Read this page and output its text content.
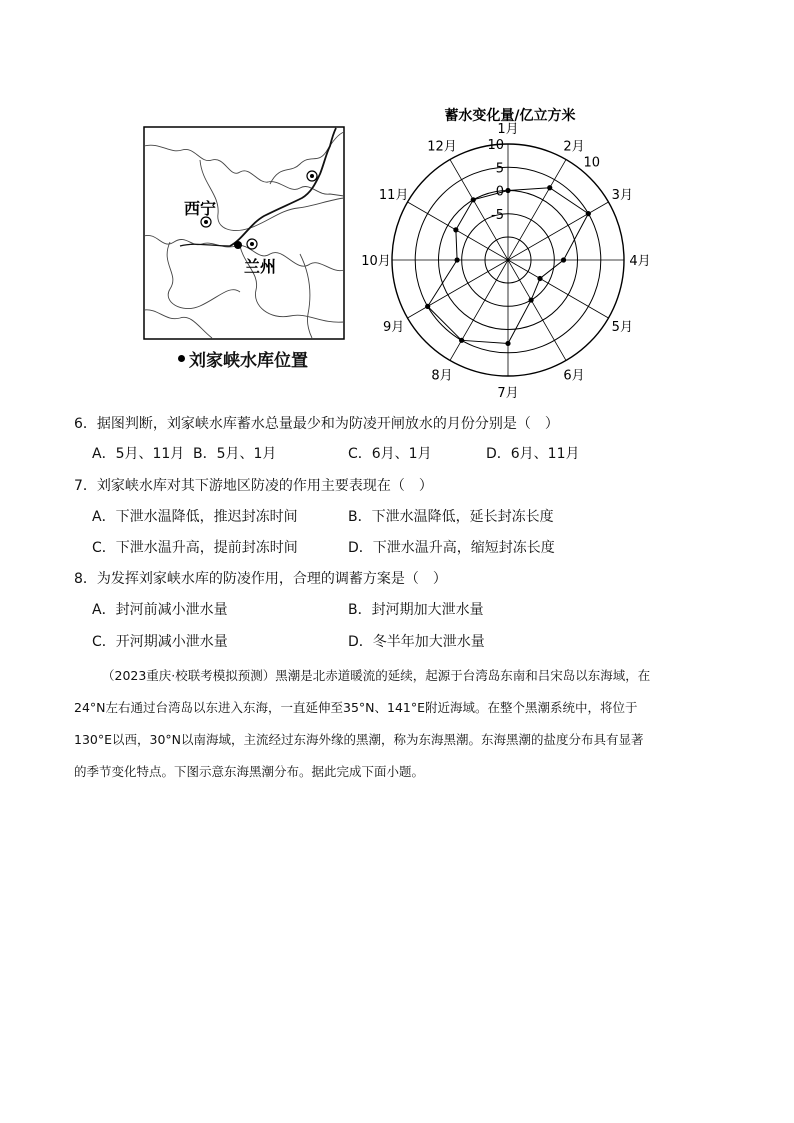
西宁
兰州
刘家峡水库位置
蓄水变化量/亿立方米
1月
2月
3月
4月
5月
6月
7月
8月
9月
10月
11月
12月 10
5
0
-5
10
6．据图判断，刘家峡水库蓄水总量最少和为防凌开闸放水的月份分别是（　）
A．5月、11月 B．5月、1月	C．6月、1月	D．6月、11月
7．刘家峡水库对其下游地区防凌的作用主要表现在（　）
A．下泄水温降低，推迟封冻时间	B．下泄水温降低，延长封冻长度
C．下泄水温升高，提前封冻时间	D．下泄水温升高，缩短封冻长度
8．为发挥刘家峡水库的防凌作用，合理的调蓄方案是（　）
A．封河前减小泄水量	B．封河期加大泄水量
C．开河期减小泄水量	D．冬半年加大泄水量

（2023重庆·校联考模拟预测）黑潮是北赤道暖流的延续，起源于台湾岛东南和吕宋岛以东海域，在

24°N左右通过台湾岛以东进入东海，一直延伸至35°N、141°E附近海域。在整个黑潮系统中，将位于

130°E以西，30°N以南海域，主流经过东海外缘的黑潮，称为东海黑潮。东海黑潮的盐度分布具有显著

的季节变化特点。下图示意东海黑潮分布。据此完成下面小题。
